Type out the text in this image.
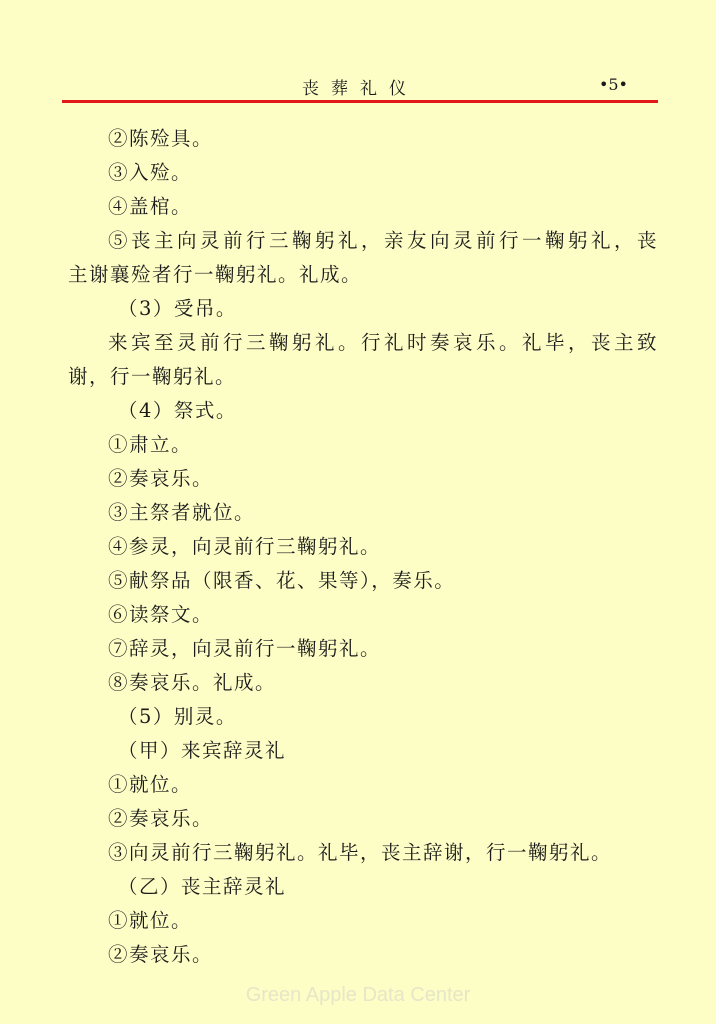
丧葬礼仪	•5•
②陈殓具。
③入殓。
④盖棺。
⑤丧主向灵前行三鞠躬礼，亲友向灵前行一鞠躬礼，丧
主谢襄殓者行一鞠躬礼。礼成。
（3）受吊。
来宾至灵前行三鞠躬礼。行礼时奏哀乐。礼毕，丧主致
谢，行一鞠躬礼。
（4）祭式。
①肃立。
②奏哀乐。
③主祭者就位。
④参灵，向灵前行三鞠躬礼。
⑤献祭品（限香、花、果等），奏乐。
⑥读祭文。
⑦辞灵，向灵前行一鞠躬礼。
⑧奏哀乐。礼成。
（5）别灵。
（甲）来宾辞灵礼
①就位。
②奏哀乐。
③向灵前行三鞠躬礼。礼毕，丧主辞谢，行一鞠躬礼。
（乙）丧主辞灵礼
①就位。
②奏哀乐。
Green Apple Data Center
